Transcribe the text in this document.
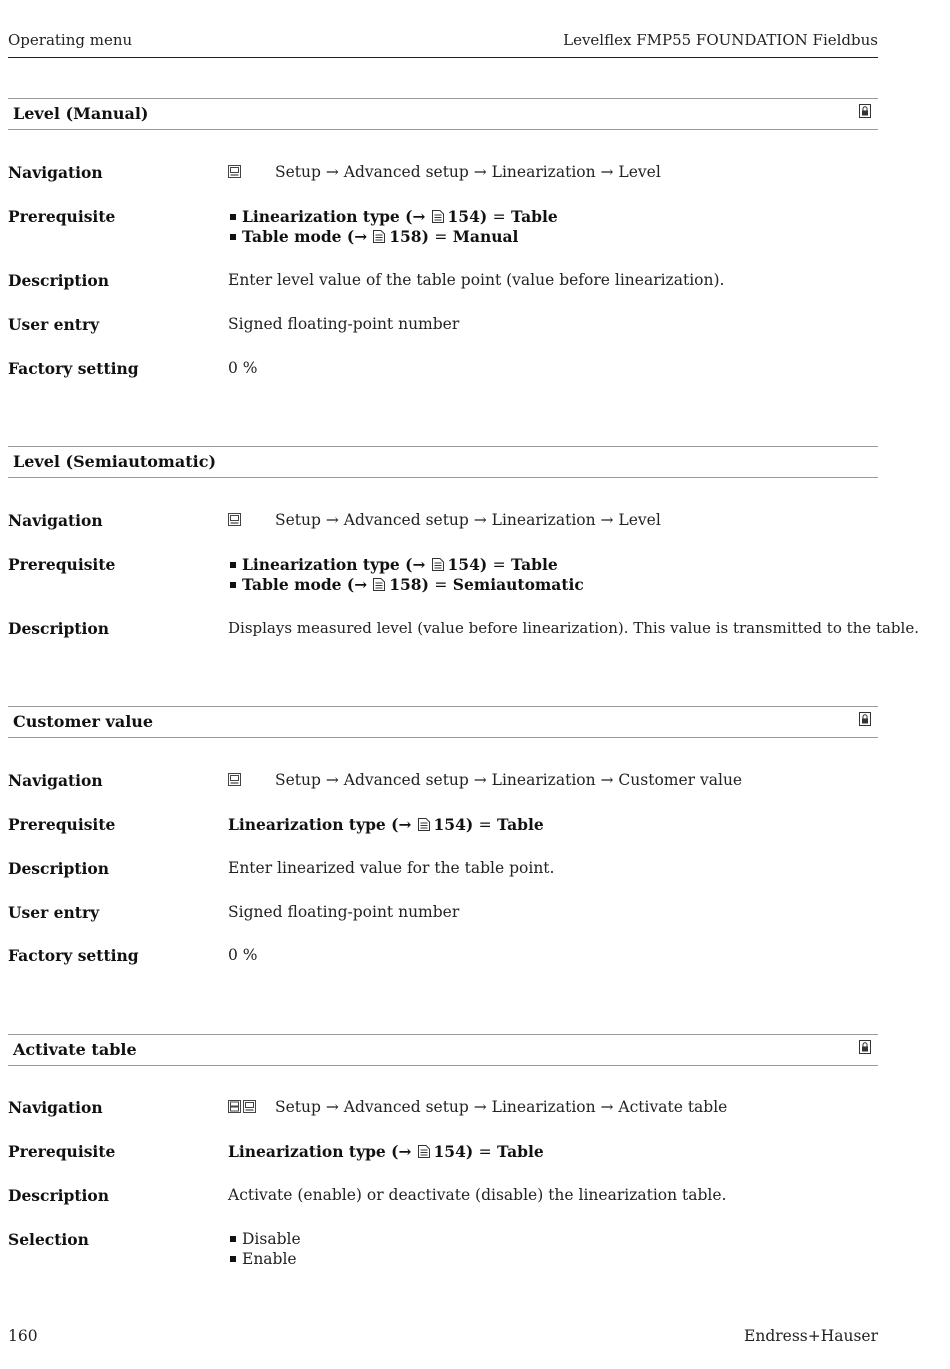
Operating menu	Levelflex FMP55 FOUNDATION Fieldbus
Level (Manual)
Navigation	Setup → Advanced setup → Linearization → Level
Prerequisite	Linearization type (→ 154) = Table
Table mode (→ 158) = Manual
Description	Enter level value of the table point (value before linearization).
User entry	Signed floating-point number
Factory setting	0 %
Level (Semiautomatic)
Navigation	Setup → Advanced setup → Linearization → Level
Prerequisite	Linearization type (→ 154) = Table
Table mode (→ 158) = Semiautomatic
Description	Displays measured level (value before linearization). This value is transmitted to the table.
Customer value
Navigation	Setup → Advanced setup → Linearization → Customer value
Prerequisite	Linearization type (→ 154) = Table
Description	Enter linearized value for the table point.
User entry	Signed floating-point number
Factory setting	0 %
Activate table
Navigation	Setup → Advanced setup → Linearization → Activate table
Prerequisite	Linearization type (→ 154) = Table
Description	Activate (enable) or deactivate (disable) the linearization table.
Selection	Disable
Enable
160	Endress+Hauser
